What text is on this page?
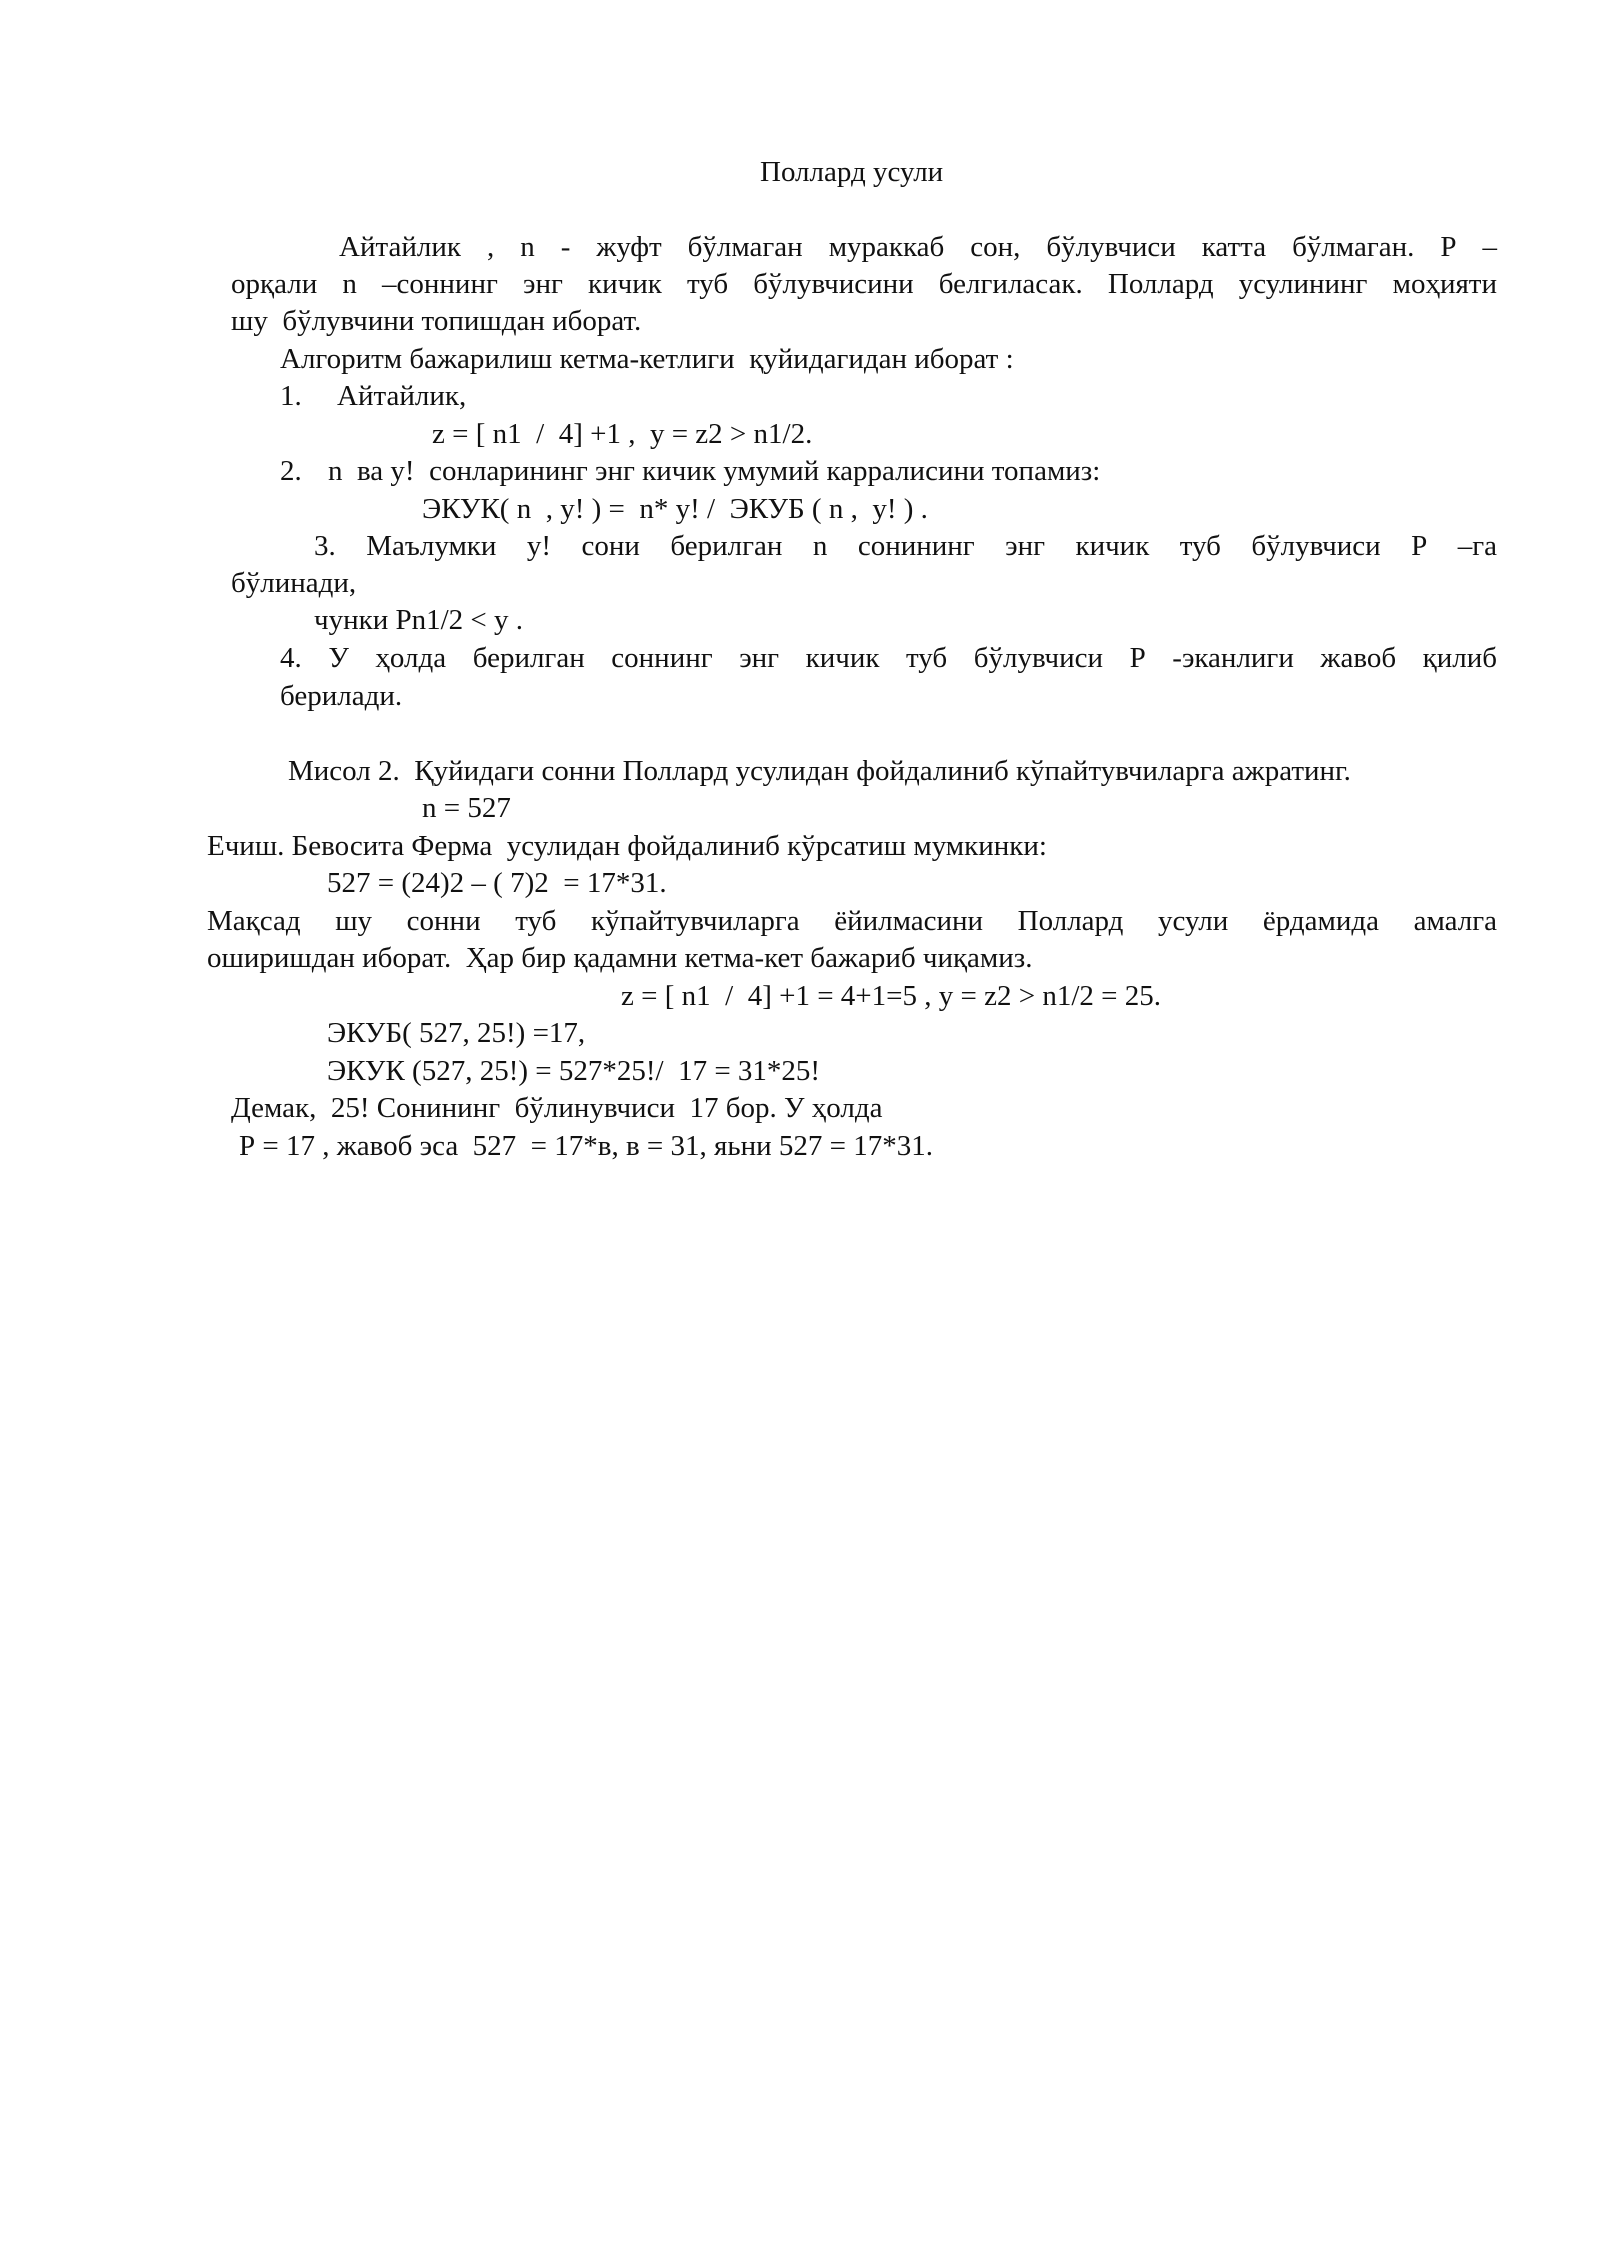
Поллард усули
Айтайлик , n - жуфт бўлмаган мураккаб сон, бўлувчиси катта бўлмаган. Р –
орқали n –соннинг энг кичик туб бўлувчисини белгиласак. Поллард усулининг моҳияти
шу  бўлувчини топишдан иборат.
Алгоритм бажарилиш кетма-кетлиги  қуйидагидан иборат :
1. Айтайлик,
z = [ n1  /  4] +1 ,  y = z2 > n1/2.
2. n  ва y!  сонларининг энг кичик умумий карралисини топамиз:
ЭКУК( n  , y! ) =  n* y! /  ЭКУБ ( n ,  y! ) .
3. Маълумки y! сони берилган n сонининг энг кичик туб бўлувчиси Р –га
бўлинади,
чунки Рn1/2 < y .
4. У ҳолда берилган соннинг энг кичик туб бўлувчиси Р -эканлиги жавоб қилиб
берилади.
Мисол 2.  Қуйидаги сонни Поллард усулидан фойдалиниб кўпайтувчиларга ажратинг.
n = 527
Ечиш. Бевосита Ферма  усулидан фойдалиниб кўрсатиш мумкинки:
527 = (24)2 – ( 7)2  = 17*31.
Мақсад шу сонни туб кўпайтувчиларга ёйилмасини Поллард усули ёрдамида амалга
оширишдан иборат.  Ҳар бир қадамни кетма-кет бажариб чиқамиз.
z = [ n1  /  4] +1 = 4+1=5 , y = z2 > n1/2 = 25.
ЭКУБ( 527, 25!) =17,
ЭКУК (527, 25!) = 527*25!/  17 = 31*25!
Демак,  25! Сонининг  бўлинувчиси  17 бор. У ҳолда
Р = 17 , жавоб эса  527  = 17*в, в = 31, яьни 527 = 17*31.
